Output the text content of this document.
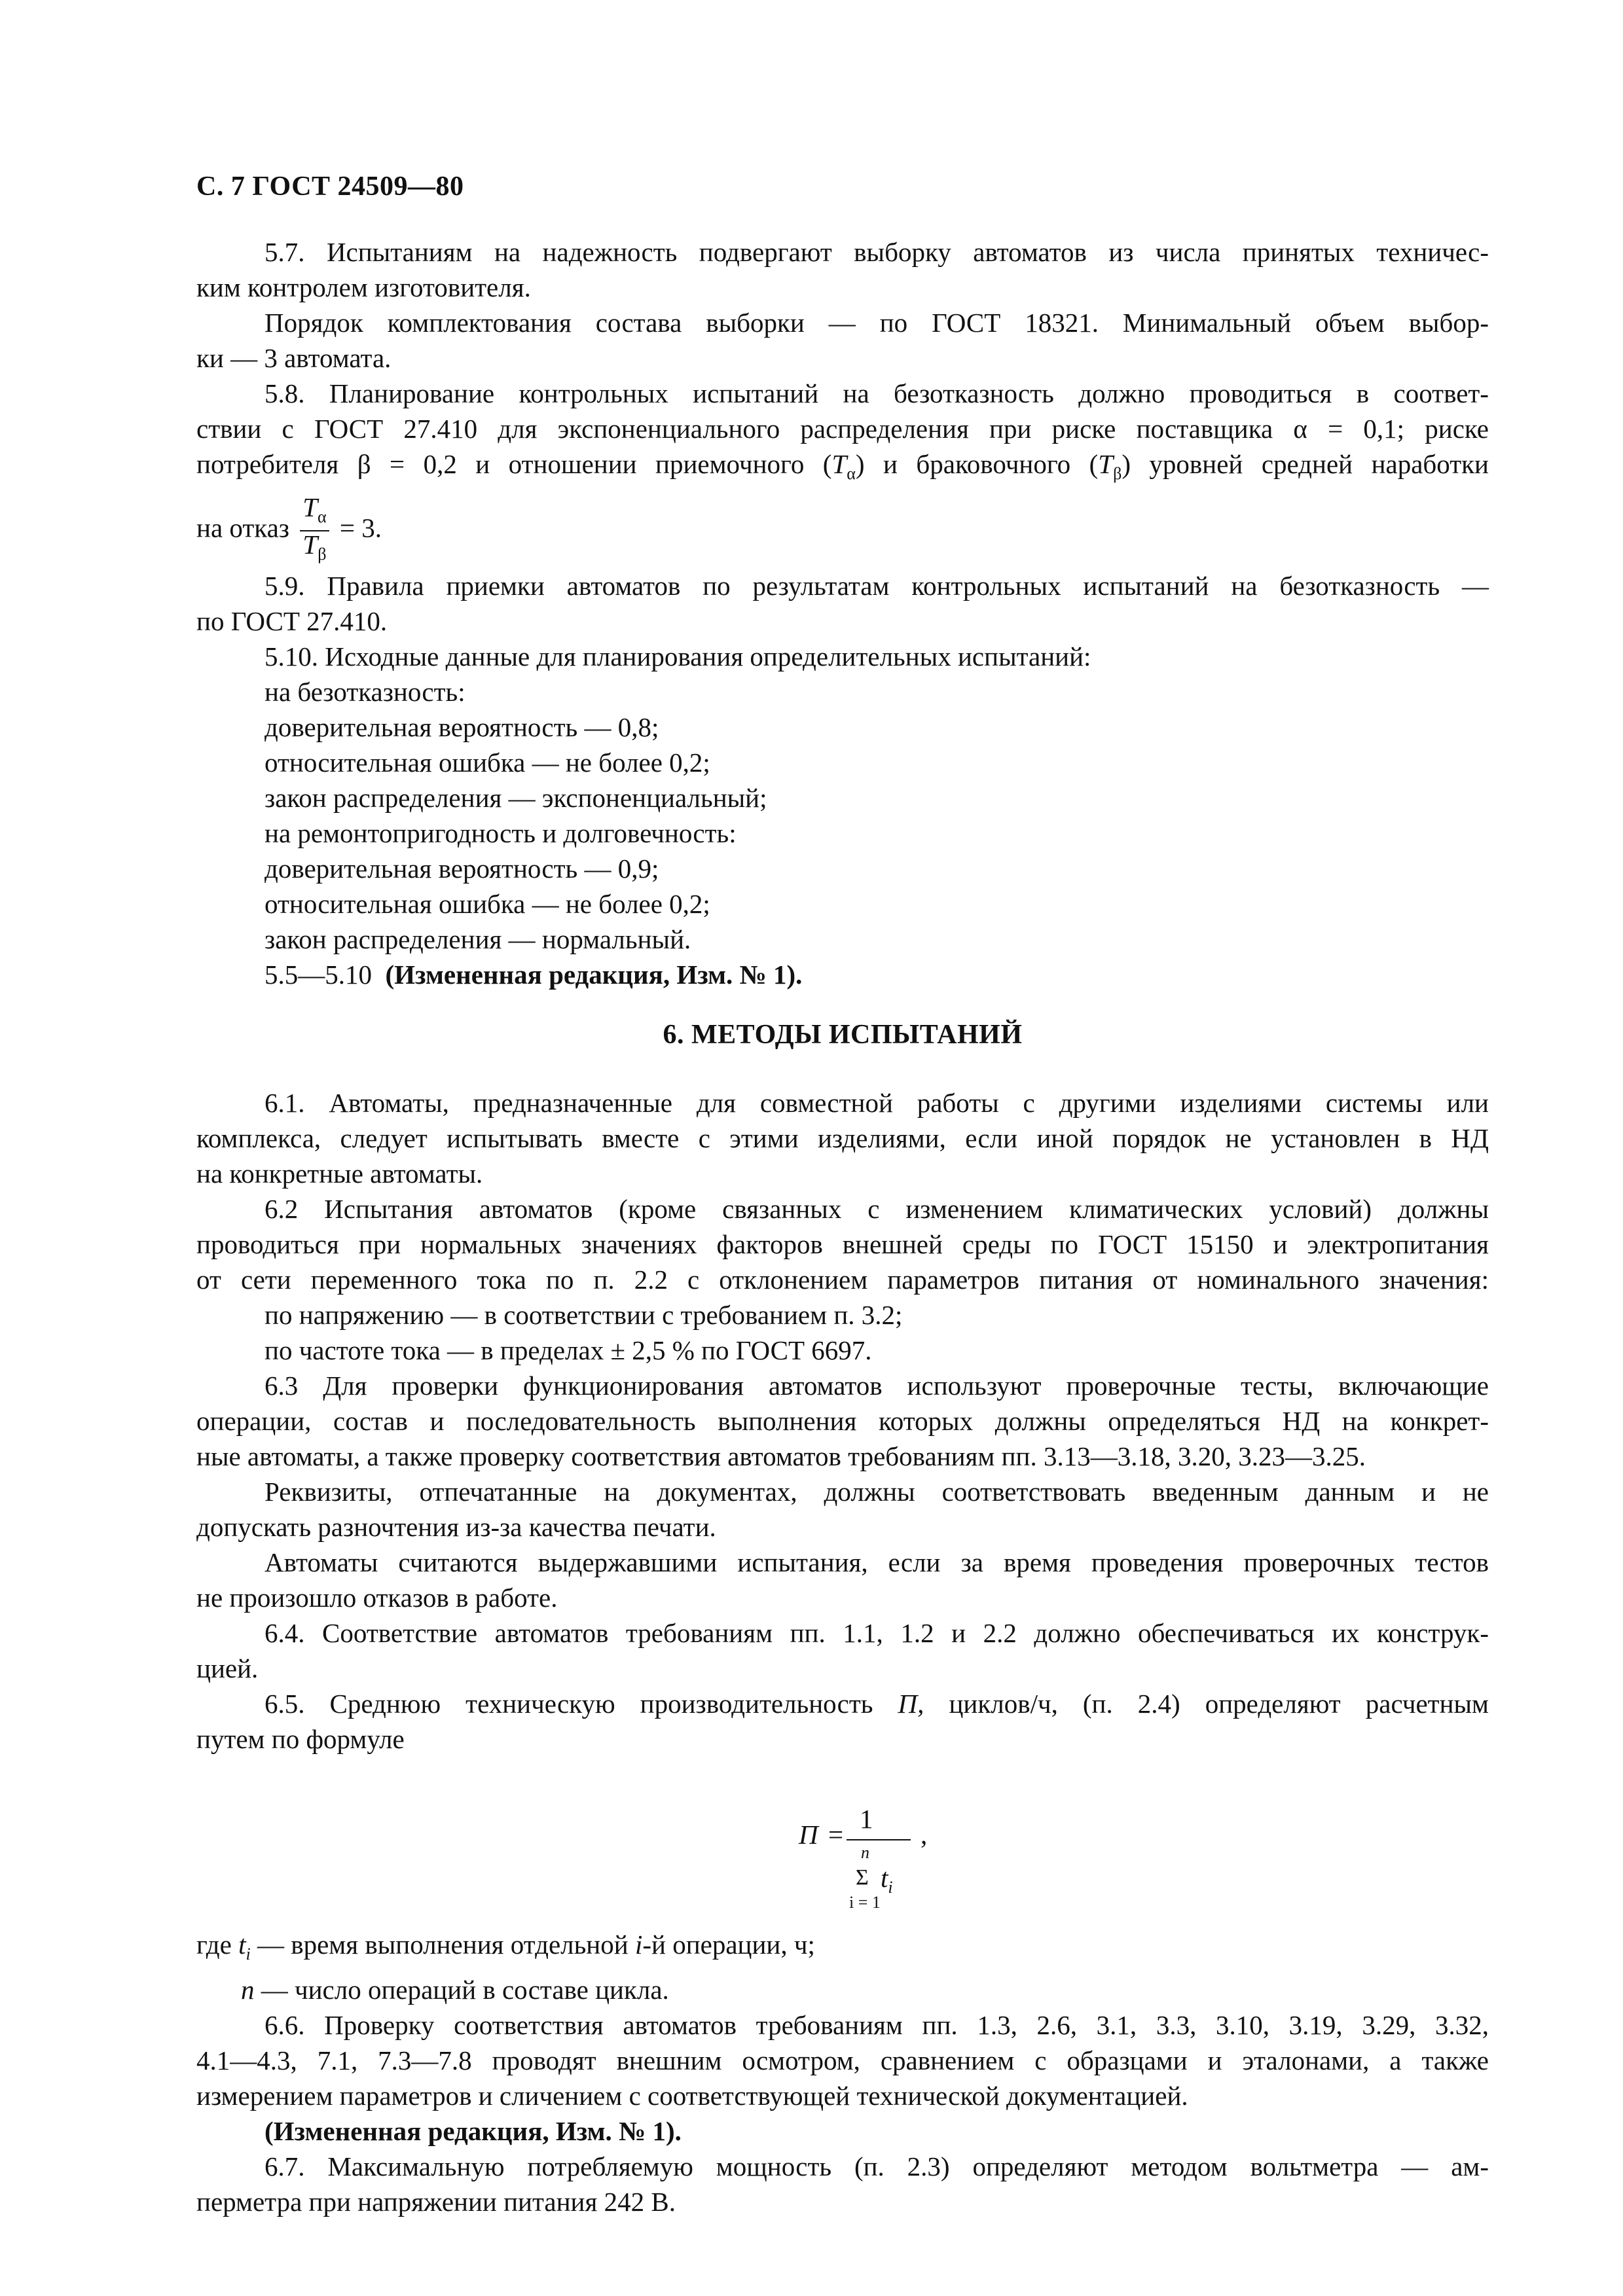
С. 7 ГОСТ 24509—80

5.7. Испытаниям на надежность подвергают выборку автоматов из числа принятых техничес-

ким контролем изготовителя.

Порядок комплектования состава выборки — по ГОСТ 18321. Минимальный объем выбор-

ки — 3 автомата.

5.8. Планирование контрольных испытаний на безотказность должно проводиться в соответ-

ствии с ГОСТ 27.410 для экспоненциального распределения при риске поставщика α = 0,1; риске

потребителя β = 0,2 и отношении приемочного $(T_\alpha)$ и браковочного $(T_\beta)$ уровней средней наработки

на отказ $\frac{T_\alpha}{T_\beta} = 3$.

5.9. Правила приемки автоматов по результатам контрольных испытаний на безотказность —

по ГОСТ 27.410.

5.10. Исходные данные для планирования определительных испытаний:

на безотказность:

доверительная вероятность — 0,8;

относительная ошибка — не более 0,2;

закон распределения — экспоненциальный;

на ремонтопригодность и долговечность:

доверительная вероятность — 0,9;

относительная ошибка — не более 0,2;

закон распределения — нормальный.

5.5—5.10 (Измененная редакция, Изм. № 1).

6. МЕТОДЫ ИСПЫТАНИЙ

6.1. Автоматы, предназначенные для совместной работы с другими изделиями системы или

комплекса, следует испытывать вместе с этими изделиями, если иной порядок не установлен в НД

на конкретные автоматы.

6.2 Испытания автоматов (кроме связанных с изменением климатических условий) должны

проводиться при нормальных значениях факторов внешней среды по ГОСТ 15150 и электропитания

от сети переменного тока по п. 2.2 с отклонением параметров питания от номинального значения:

по напряжению — в соответствии с требованием п. 3.2;

по частоте тока — в пределах ± 2,5 % по ГОСТ 6697.

6.3 Для проверки функционирования автоматов используют проверочные тесты, включающие

операции, состав и последовательность выполнения которых должны определяться НД на конкрет-

ные автоматы, а также проверку соответствия автоматов требованиям пп. 3.13—3.18, 3.20, 3.23—3.25.

Реквизиты, отпечатанные на документах, должны соответствовать введенным данным и не

допускать разночтения из-за качества печати.

Автоматы считаются выдержавшими испытания, если за время проведения проверочных тестов

не произошло отказов в работе.

6.4. Соответствие автоматов требованиям пп. 1.1, 1.2 и 2.2 должно обеспечиваться их конструк-

цией.

6.5. Среднюю техническую производительность П, циклов/ч, (п. 2.4) определяют расчетным

путем по формуле

П =
1
n
Σ $t_i$
i = 1
,

где $t_i$ — время выполнения отдельной i-й операции, ч;

n — число операций в составе цикла.

6.6. Проверку соответствия автоматов требованиям пп. 1.3, 2.6, 3.1, 3.3, 3.10, 3.19, 3.29, 3.32,

4.1—4.3, 7.1, 7.3—7.8 проводят внешним осмотром, сравнением с образцами и эталонами, а также

измерением параметров и сличением с соответствующей технической документацией.

(Измененная редакция, Изм. № 1).

6.7. Максимальную потребляемую мощность (п. 2.3) определяют методом вольтметра — ам-

перметра при напряжении питания 242 В.
